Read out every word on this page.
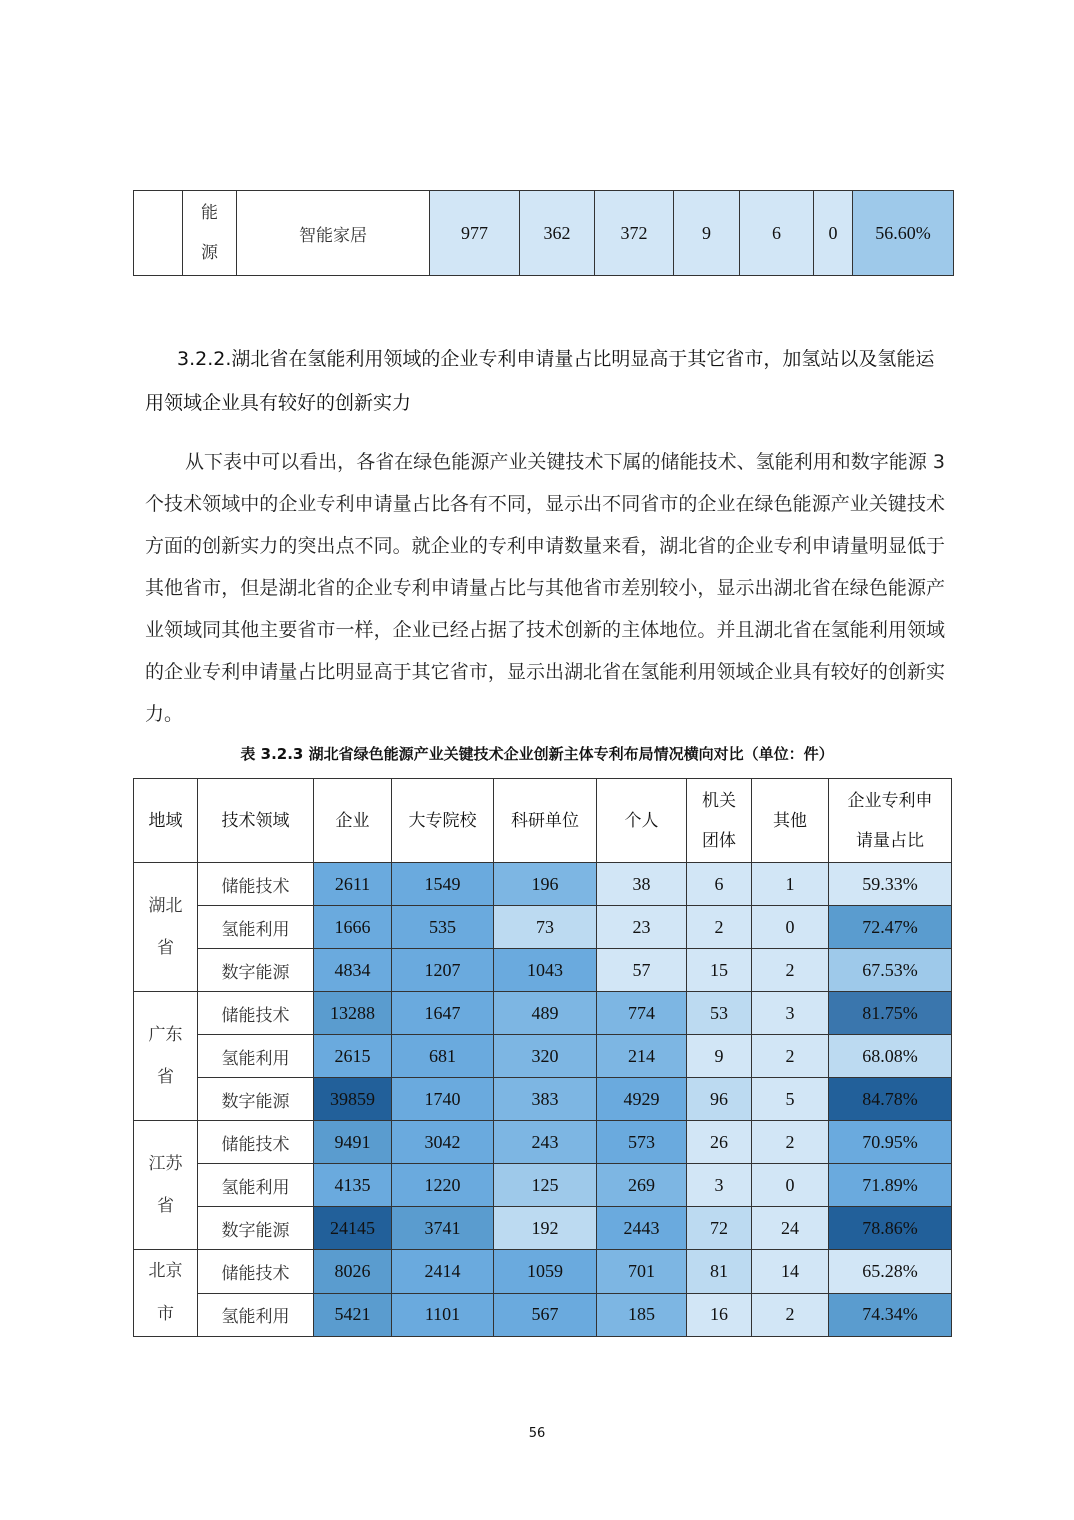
	能
源	智能家居	977	362	372	9	6	0	56.60%
3.2.2.湖北省在氢能利用领域的企业专利申请量占比明显高于其它省市，加氢站以及氢能运用领域企业具有较好的创新实力
从下表中可以看出，各省在绿色能源产业关键技术下属的储能技术、氢能利用和数字能源 3 个技术领域中的企业专利申请量占比各有不同，显示出不同省市的企业在绿色能源产业关键技术方面的创新实力的突出点不同。就企业的专利申请数量来看，湖北省的企业专利申请量明显低于其他省市，但是湖北省的企业专利申请量占比与其他省市差别较小，显示出湖北省在绿色能源产业领域同其他主要省市一样，企业已经占据了技术创新的主体地位。并且湖北省在氢能利用领域的企业专利申请量占比明显高于其它省市，显示出湖北省在氢能利用领域企业具有较好的创新实力。
表 3.2.3 湖北省绿色能源产业关键技术企业创新主体专利布局情况横向对比（单位：件）
地域	技术领域	企业	大专院校	科研单位	个人	机关团体	其他	企业专利申请量占比
湖北省	储能技术	2611	1549	196	38	6	1	59.33%
氢能利用	1666	535	73	23	2	0	72.47%
数字能源	4834	1207	1043	57	15	2	67.53%
广东省	储能技术	13288	1647	489	774	53	3	81.75%
氢能利用	2615	681	320	214	9	2	68.08%
数字能源	39859	1740	383	4929	96	5	84.78%
江苏省	储能技术	9491	3042	243	573	26	2	70.95%
氢能利用	4135	1220	125	269	3	0	71.89%
数字能源	24145	3741	192	2443	72	24	78.86%
北京市	储能技术	8026	2414	1059	701	81	14	65.28%
氢能利用	5421	1101	567	185	16	2	74.34%
56
